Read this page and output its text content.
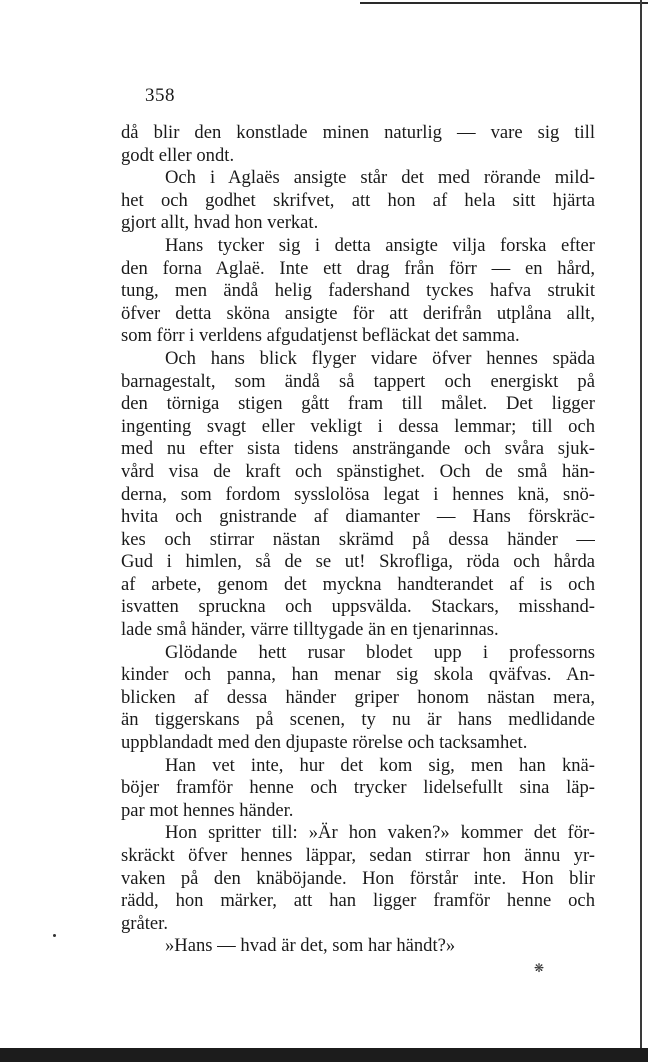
358
då blir den konstlade minen naturlig — vare sig till
godt eller ondt.
Och i Aglaës ansigte står det med rörande mild-
het och godhet skrifvet, att hon af hela sitt hjärta
gjort allt, hvad hon verkat.
Hans tycker sig i detta ansigte vilja forska efter
den forna Aglaë. Inte ett drag från förr — en hård,
tung, men ändå helig fadershand tyckes hafva strukit
öfver detta sköna ansigte för att derifrån utplåna allt,
som förr i verldens afgudatjenst befläckat det samma.
Och hans blick flyger vidare öfver hennes späda
barnagestalt, som ändå så tappert och energiskt på
den törniga stigen gått fram till målet. Det ligger
ingenting svagt eller vekligt i dessa lemmar; till och
med nu efter sista tidens ansträngande och svåra sjuk-
vård visa de kraft och spänstighet. Och de små hän-
derna, som fordom sysslolösa legat i hennes knä, snö-
hvita och gnistrande af diamanter — Hans förskräc-
kes och stirrar nästan skrämd på dessa händer —
Gud i himlen, så de se ut! Skrofliga, röda och hårda
af arbete, genom det myckna handterandet af is och
isvatten spruckna och uppsvälda. Stackars, misshand-
lade små händer, värre tilltygade än en tjenarinnas.
Glödande hett rusar blodet upp i professorns
kinder och panna, han menar sig skola qväfvas. An-
blicken af dessa händer griper honom nästan mera,
än tiggerskans på scenen, ty nu är hans medlidande
uppblandadt med den djupaste rörelse och tacksamhet.
Han vet inte, hur det kom sig, men han knä-
böjer framför henne och trycker lidelsefullt sina läp-
par mot hennes händer.
Hon spritter till: »Är hon vaken?» kommer det för-
skräckt öfver hennes läppar, sedan stirrar hon ännu yr-
vaken på den knäböjande. Hon förstår inte. Hon blir
rädd, hon märker, att han ligger framför henne och
gråter.
»Hans — hvad är det, som har händt?»
❋
